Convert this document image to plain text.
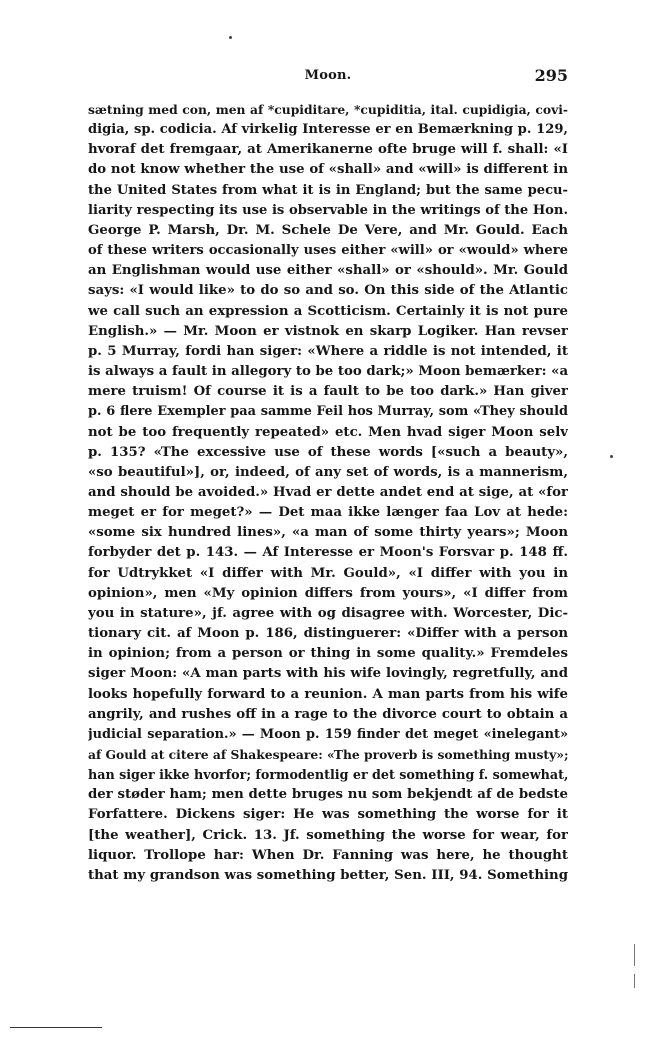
Moon.	295
sætning med con, men af *cupiditare, *cupiditia, ital. cupidigia, covi-
digia, sp. codicia. Af virkelig Interesse er en Bemærkning p. 129,
hvoraf det fremgaar, at Amerikanerne ofte bruge will f. shall: «I
do not know whether the use of «shall» and «will» is different in
the United States from what it is in England; but the same pecu-
liarity respecting its use is observable in the writings of the Hon.
George P. Marsh, Dr. M. Schele De Vere, and Mr. Gould. Each
of these writers occasionally uses either «will» or «would» where
an Englishman would use either «shall» or «should». Mr. Gould
says: «I would like» to do so and so. On this side of the Atlantic
we call such an expression a Scotticism. Certainly it is not pure
English.» — Mr. Moon er vistnok en skarp Logiker. Han revser
p. 5 Murray, fordi han siger: «Where a riddle is not intended, it
is always a fault in allegory to be too dark;» Moon bemærker: «a
mere truism! Of course it is a fault to be too dark.» Han giver
p. 6 flere Exempler paa samme Feil hos Murray, som «They should
not be too frequently repeated» etc. Men hvad siger Moon selv
p. 135? «The excessive use of these words [«such a beauty»,
«so beautiful»], or, indeed, of any set of words, is a mannerism,
and should be avoided.» Hvad er dette andet end at sige, at «for
meget er for meget?» — Det maa ikke længer faa Lov at hede:
«some six hundred lines», «a man of some thirty years»; Moon
forbyder det p. 143. — Af Interesse er Moon's Forsvar p. 148 ff.
for Udtrykket «I differ with Mr. Gould», «I differ with you in
opinion», men «My opinion differs from yours», «I differ from
you in stature», jf. agree with og disagree with. Worcester, Dic-
tionary cit. af Moon p. 186, distinguerer: «Differ with a person
in opinion; from a person or thing in some quality.» Fremdeles
siger Moon: «A man parts with his wife lovingly, regretfully, and
looks hopefully forward to a reunion. A man parts from his wife
angrily, and rushes off in a rage to the divorce court to obtain a
judicial separation.» — Moon p. 159 finder det meget «inelegant»
af Gould at citere af Shakespeare: «The proverb is something musty»;
han siger ikke hvorfor; formodentlig er det something f. somewhat,
der støder ham; men dette bruges nu som bekjendt af de bedste
Forfattere. Dickens siger: He was something the worse for it
[the weather], Crick. 13. Jf. something the worse for wear, for
liquor. Trollope har: When Dr. Fanning was here, he thought
that my grandson was something better, Sen. III, 94. Something
